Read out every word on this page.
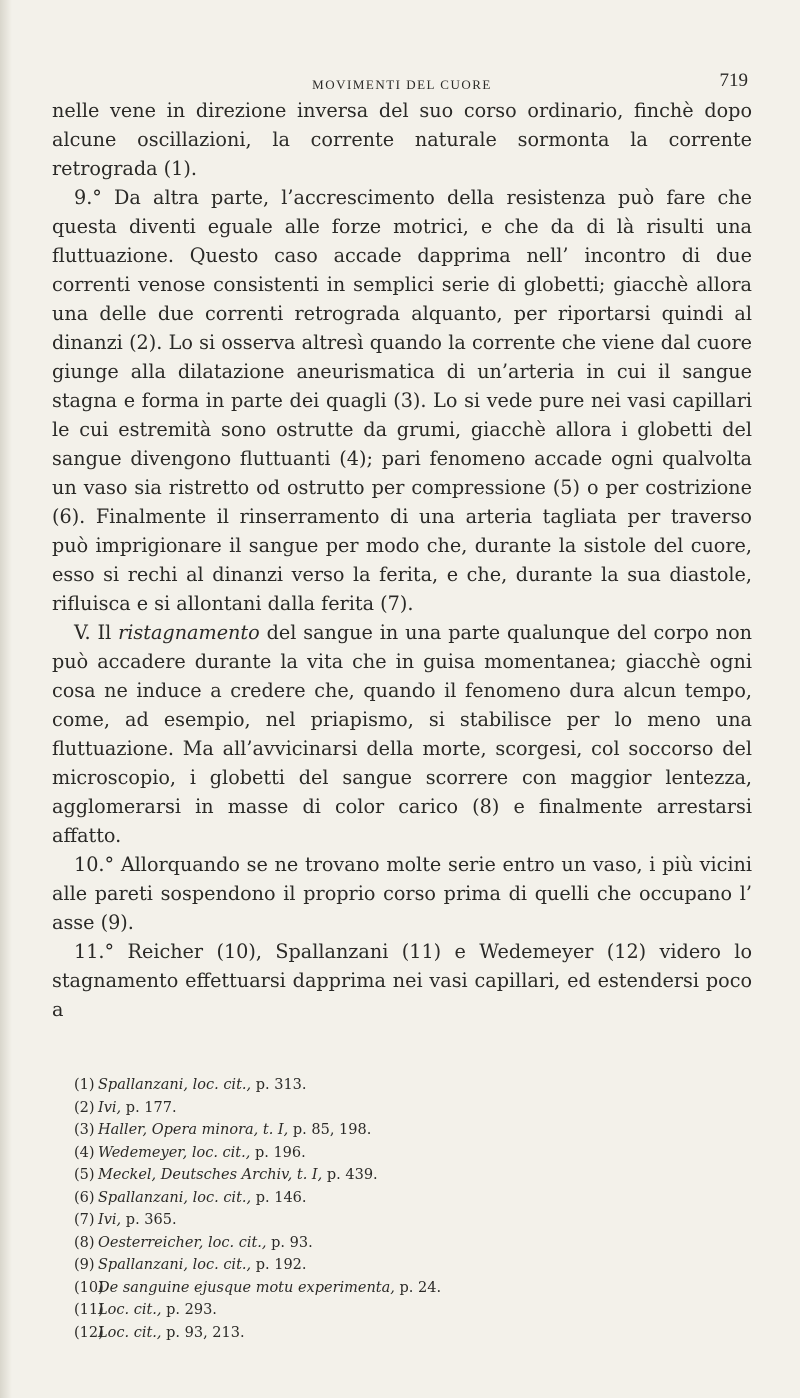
$_{MOVIMENTI DEL CUORE}$	719

nelle vene in direzione inversa del suo corso ordinario, finchè dopo alcune oscillazioni, la corrente naturale sormonta la corrente retrograda (1).

9.° Da altra parte, l’accrescimento della resistenza può fare che questa diventi eguale alle forze motrici, e che da di là risulti una fluttuazione. Questo caso accade dapprima nell’ incontro di due correnti venose consistenti in semplici serie di globetti; giacchè allora una delle due correnti retrograda alquanto, per riportarsi quindi al dinanzi (2). Lo si osserva altresì quando la corrente che viene dal cuore giunge alla dilatazione aneurismatica di un’arteria in cui il sangue stagna e forma in parte dei quagli (3). Lo si vede pure nei vasi capillari le cui estremità sono ostrutte da grumi, giacchè allora i globetti del sangue divengono fluttuanti (4); pari fenomeno accade ogni qualvolta un vaso sia ristretto od ostrutto per compressione (5) o per costrizione (6). Finalmente il rinserramento di una arteria tagliata per traverso può imprigionare il sangue per modo che, durante la sistole del cuore, esso si rechi al dinanzi verso la ferita, e che, durante la sua diastole, rifluisca e si allontani dalla ferita (7).

V. Il ristagnamento del sangue in una parte qualunque del corpo non può accadere durante la vita che in guisa momentanea; giacchè ogni cosa ne induce a credere che, quando il fenomeno dura alcun tempo, come, ad esempio, nel priapismo, si stabilisce per lo meno una fluttuazione. Ma all’avvicinarsi della morte, scorgesi, col soccorso del microscopio, i globetti del sangue scorrere con maggior lentezza, agglomerarsi in masse di color carico (8) e finalmente arrestarsi affatto.

10.° Allorquando se ne trovano molte serie entro un vaso, i più vicini alle pareti sospendono il proprio corso prima di quelli che occupano l’ asse (9).

11.° Reicher (10), Spallanzani (11) e Wedemeyer (12) videro lo stagnamento effettuarsi dapprima nei vasi capillari, ed estendersi poco a

(1) Spallanzani, loc. cit., p. 313.
(2) Ivi, p. 177.
(3) Haller, Opera minora, t. I, p. 85, 198.
(4) Wedemeyer, loc. cit., p. 196.
(5) Meckel, Deutsches Archiv, t. I, p. 439.
(6) Spallanzani, loc. cit., p. 146.
(7) Ivi, p. 365.
(8) Oesterreicher, loc. cit., p. 93.
(9) Spallanzani, loc. cit., p. 192.
(10)De sanguine ejusque motu experimenta, p. 24.
(11)Loc. cit., p. 293.
(12)Loc. cit., p. 93, 213.
